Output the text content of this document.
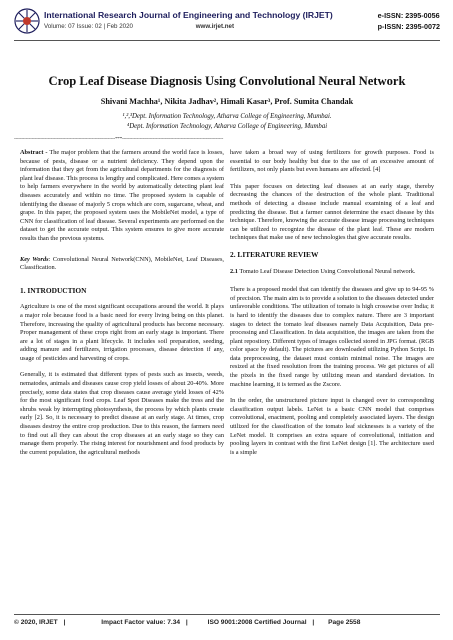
International Research Journal of Engineering and Technology (IRJET)
Volume: 07 Issue: 02 | Feb 2020	www.irjet.net
e-ISSN: 2395-0056
p-ISSN: 2395-0072
Crop Leaf Disease Diagnosis Using Convolutional Neural Network
Shivani Machha¹, Nikita Jadhav², Himali Kasar³, Prof. Sumita Chandak
¹,²,³Dept. Information Technology, Atharva College of Engineering, Mumbai.
⁴Dept. Information Technology, Atharva College of Engineering, Mumbai
---------------------------------------------------------------------***---------------------------------------------------------------------

Abstract - The major problem that the farmers around the world face is losses, because of pests, disease or a nutrient deficiency. They depend upon the information that they get from the agricultural departments for the diagnosis of plant leaf disease. This process is lengthy and complicated. Here comes a system to help farmers everywhere in the world by automatically detecting plant leaf diseases accurately and within no time. The proposed system is capable of identifying the disease of majorly 5 crops which are corn, sugarcane, wheat, and grape. In this paper, the proposed system uses the MobileNet model, a type of CNN for classification of leaf disease. Several experiments are performed on the dataset to get the accurate output. This system ensures to give more accurate results than the previous systems.

Key Words: Convolutional Neural Network(CNN), MobileNet, Leaf Diseases, Classification.

1. INTRODUCTION

Agriculture is one of the most significant occupations around the world. It plays a major role because food is a basic need for every living being on this planet. Therefore, increasing the quality of agricultural products has become necessary. Proper management of these crops right from an early stage is important. There are a lot of stages in a plant lifecycle. It includes soil preparation, seeding, adding manure and fertilizers, irrigation processes, disease detection if any, usage of pesticides and harvesting of crops.

Generally, it is estimated that different types of pests such as insects, weeds, nematodes, animals and diseases cause crop yield losses of about 20-40%. More precisely, some data states that crop diseases cause average yield losses of 42% for the most significant food crops. Leaf Spot Diseases make the tress and the shrubs weak by interrupting photosynthesis, the process by which plants create early [2]. So, it is necessary to predict disease at an early stage. At times, crop diseases destroy the entire crop production. Due to this reason, the farmers need to find out all they can about the crop diseases at an early stage so they can manage them properly. The rising interest for nourishment and food products by the current population, the agricultural methods

have taken a broad way of using fertilizers for growth purposes. Food is essential to our body healthy but due to the use of an excessive amount of fertilizers, not only plants but even humans are affected. [4]

This paper focuses on detecting leaf diseases at an early stage, thereby decreasing the chances of the destruction of the whole plant. Traditional methods of detecting a disease include manual examining of a leaf and predicting the disease. But a farmer cannot determine the exact disease by this technique. Therefore, knowing the accurate disease image processing techniques can be utilized to recognize the disease of the plant leaf. These are modern techniques that make use of new technologies that give accurate results.

2. LITERATURE REVIEW

2.1 Tomato Leaf Disease Detection Using Convolutional Neural network.

There is a proposed model that can identify the diseases and give up to 94-95 % of precision. The main aim is to provide a solution to the diseases detected under unfavorable conditions. The utilization of tomato is high crosswise over India; it is hard to identify the diseases due to complex nature. There are 3 important stages to detect the tomato leaf diseases namely Data Acquisition, Data pre-processing and Classification. In data acquisition, the images are taken from the plant repository. Different types of images collected stored in JPG format. (RGB color space by default). The pictures are downloaded utilizing Python Script. In data preprocessing, the dataset must contain minimal noise. The images are resized at the fixed resolution from the training process. We get pictures of all the pixels in the fixed range by utilizing mean and standard deviation. In machine learning, it is termed as the Zscore.

In the order, the unstructured picture input is changed over to corresponding classification output labels. LeNet is a basic CNN model that comprises convolutional, enactment, pooling and completely associated layers. The design utilized for the classification of the tomato leaf sicknesses is a variety of the LeNet model. It comprises an extra square of convolutional, initiation and pooling layers in contrast with the first LeNet design [1]. The architecture used is a simple

© 2020, IRJET |	Impact Factor value: 7.34 |	ISO 9001:2008 Certified Journal | Page 2558
